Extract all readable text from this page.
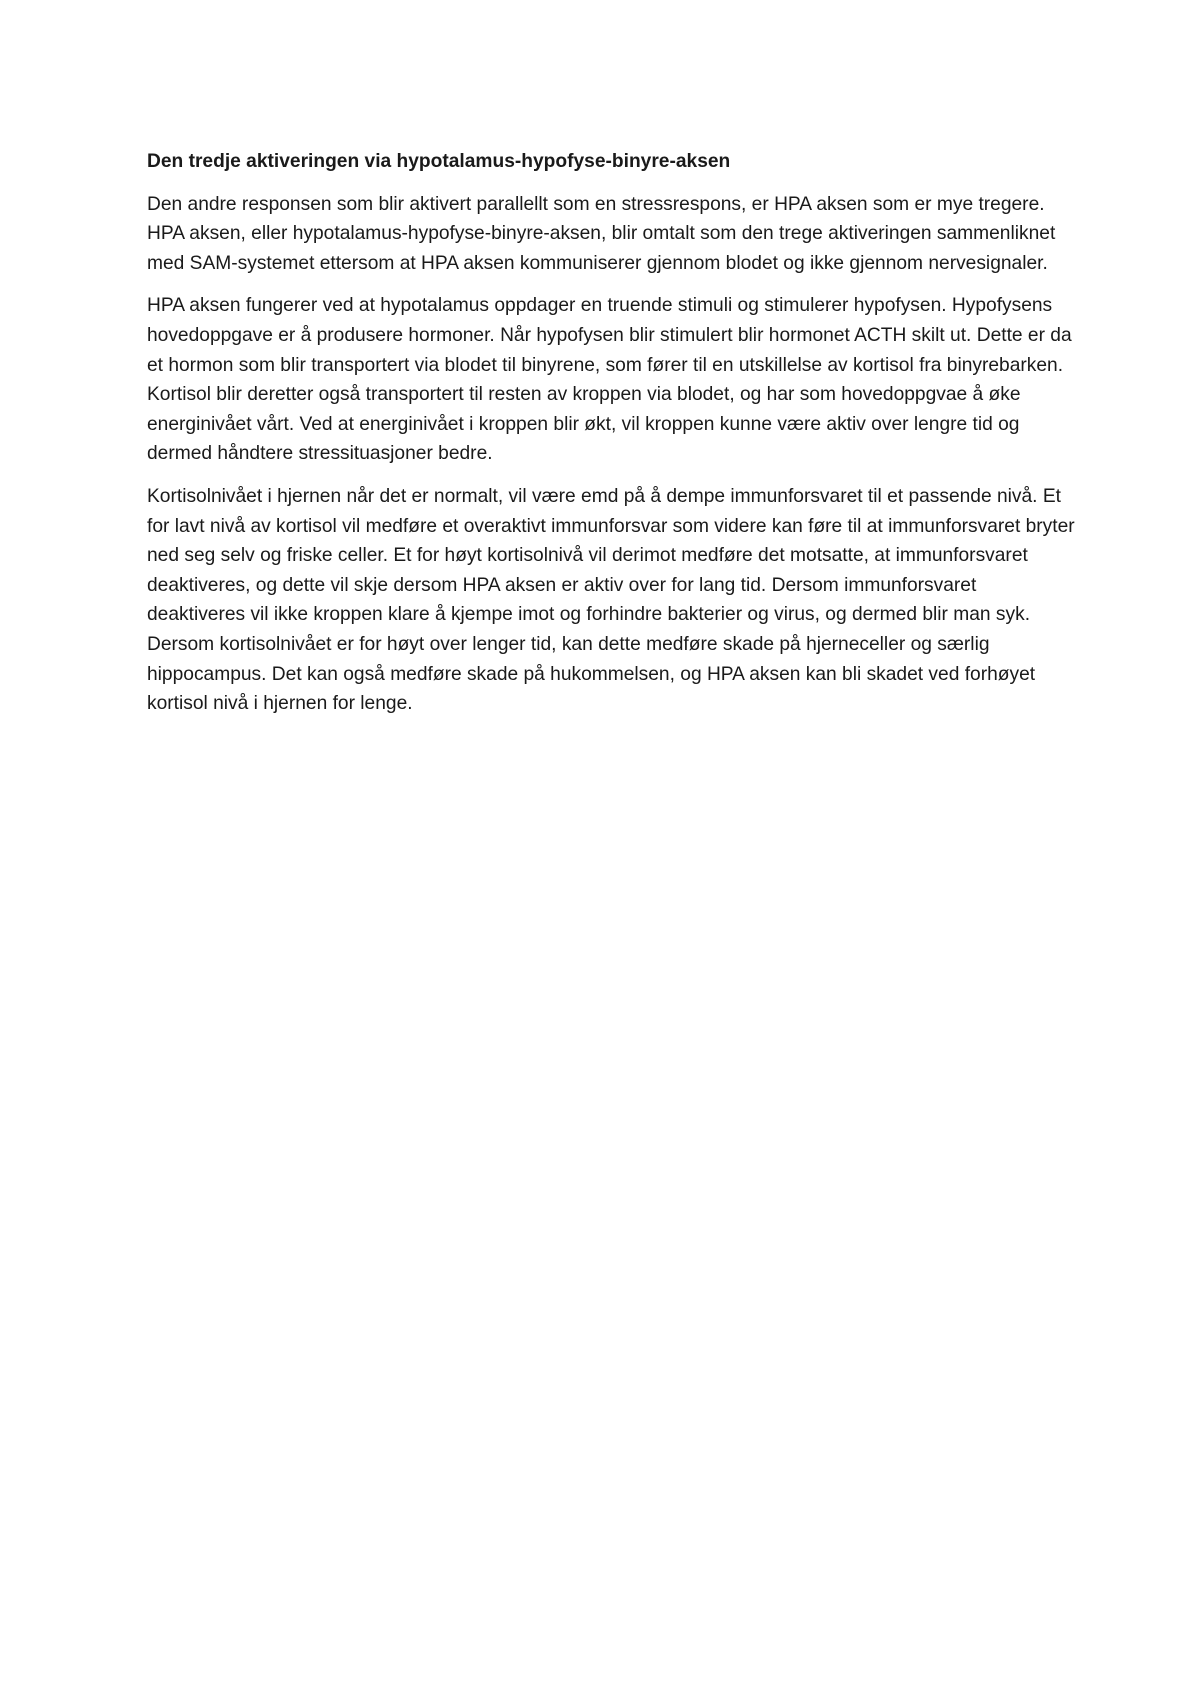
Den tredje aktiveringen via hypotalamus-hypofyse-binyre-aksen

Den andre responsen som blir aktivert parallellt som en stressrespons, er HPA aksen som er mye tregere. HPA aksen, eller hypotalamus-hypofyse-binyre-aksen, blir omtalt som den trege aktiveringen sammenliknet med SAM-systemet ettersom at HPA aksen kommuniserer gjennom blodet og ikke gjennom nervesignaler.

HPA aksen fungerer ved at hypotalamus oppdager en truende stimuli og stimulerer hypofysen. Hypofysens hovedoppgave er å produsere hormoner. Når hypofysen blir stimulert blir hormonet ACTH skilt ut. Dette er da et hormon som blir transportert via blodet til binyrene, som fører til en utskillelse av kortisol fra binyrebarken. Kortisol blir deretter også transportert til resten av kroppen via blodet, og har som hovedoppgvae å øke energinivået vårt. Ved at energinivået i kroppen blir økt, vil kroppen kunne være aktiv over lengre tid og dermed håndtere stressituasjoner bedre.

Kortisolnivået i hjernen når det er normalt, vil være emd på å dempe immunforsvaret til et passende nivå. Et for lavt nivå av kortisol vil medføre et overaktivt immunforsvar som videre kan føre til at immunforsvaret bryter ned seg selv og friske celler. Et for høyt kortisolnivå vil derimot medføre det motsatte, at immunforsvaret deaktiveres, og dette vil skje dersom HPA aksen er aktiv over for lang tid. Dersom immunforsvaret deaktiveres vil ikke kroppen klare å kjempe imot og forhindre bakterier og virus, og dermed blir man syk. Dersom kortisolnivået er for høyt over lenger tid, kan dette medføre skade på hjerneceller og særlig hippocampus. Det kan også medføre skade på hukommelsen, og HPA aksen kan bli skadet ved forhøyet kortisol nivå i hjernen for lenge.
